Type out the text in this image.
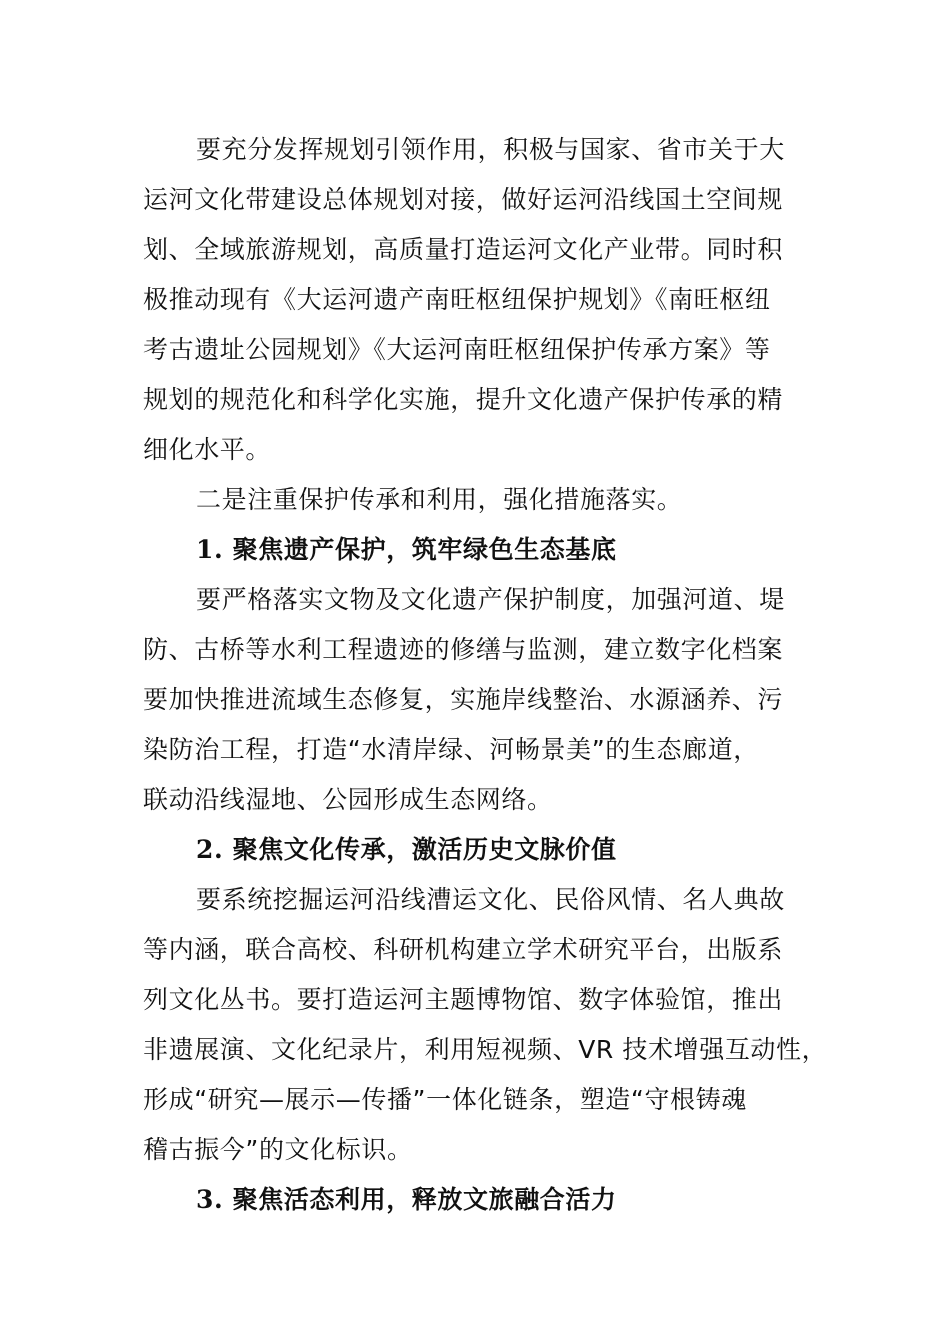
要充分发挥规划引领作用，积极与国家、省市关于大
运河文化带建设总体规划对接，做好运河沿线国土空间规
划、全域旅游规划，高质量打造运河文化产业带。同时积
极推动现有《大运河遗产南旺枢纽保护规划》《南旺枢纽
考古遗址公园规划》《大运河南旺枢纽保护传承方案》等
规划的规范化和科学化实施，提升文化遗产保护传承的精
细化水平。
二是注重保护传承和利用，强化措施落实。
1. 聚焦遗产保护，筑牢绿色生态基底
要严格落实文物及文化遗产保护制度，加强河道、堤
防、古桥等水利工程遗迹的修缮与监测，建立数字化档案
要加快推进流域生态修复，实施岸线整治、水源涵养、污
染防治工程，打造“水清岸绿、河畅景美”的生态廊道，
联动沿线湿地、公园形成生态网络。
2. 聚焦文化传承，激活历史文脉价值
要系统挖掘运河沿线漕运文化、民俗风情、名人典故
等内涵，联合高校、科研机构建立学术研究平台，出版系
列文化丛书。要打造运河主题博物馆、数字体验馆，推出
非遗展演、文化纪录片，利用短视频、VR 技术增强互动性，
形成“研究—展示—传播”一体化链条，塑造“守根铸魂
稽古振今”的文化标识。
3. 聚焦活态利用，释放文旅融合活力
